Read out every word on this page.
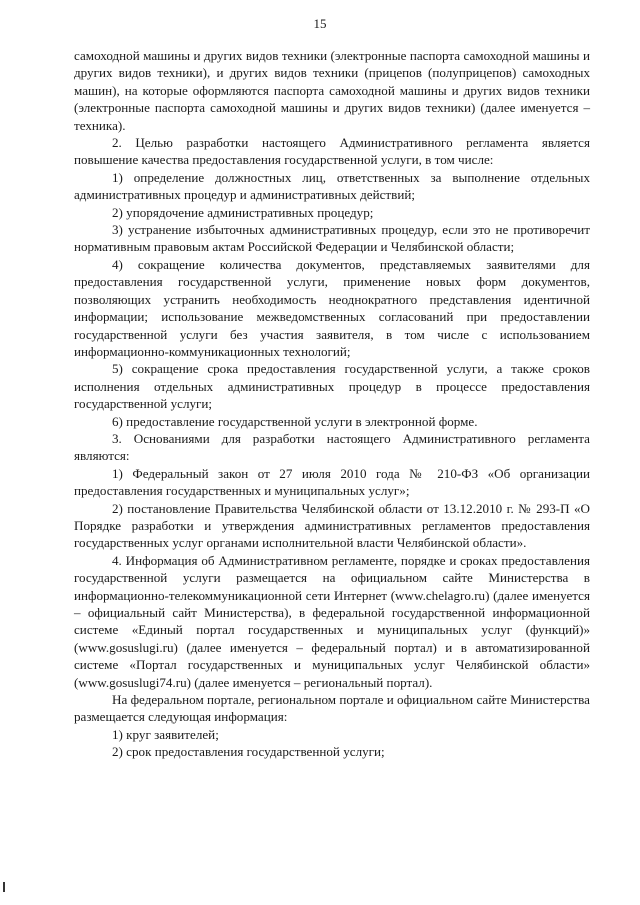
15

самоходной машины и других видов техники (электронные паспорта самоходной машины и других видов техники), и других видов техники (прицепов (полуприцепов) самоходных машин), на которые оформляются паспорта самоходной машины и других видов техники (электронные паспорта самоходной машины и других видов техники) (далее именуется – техника).

2. Целью разработки настоящего Административного регламента является повышение качества предоставления государственной услуги, в том числе:

1) определение должностных лиц, ответственных за выполнение отдельных административных процедур и административных действий;

2) упорядочение административных процедур;

3) устранение избыточных административных процедур, если это не противоречит нормативным правовым актам Российской Федерации и Челябинской области;

4) сокращение количества документов, представляемых заявителями для предоставления государственной услуги, применение новых форм документов, позволяющих устранить необходимость неоднократного представления идентичной информации; использование межведомственных согласований при предоставлении государственной услуги без участия заявителя, в том числе с использованием информационно-коммуникационных технологий;

5) сокращение срока предоставления государственной услуги, а также сроков исполнения отдельных административных процедур в процессе предоставления государственной услуги;

6) предоставление государственной услуги в электронной форме.

3. Основаниями для разработки настоящего Административного регламента являются:

1) Федеральный закон от 27 июля 2010 года № 210-ФЗ «Об организации предоставления государственных и муниципальных услуг»;

2) постановление Правительства Челябинской области от 13.12.2010 г. № 293-П «О Порядке разработки и утверждения административных регламентов предоставления государственных услуг органами исполнительной власти Челябинской области».

4. Информация об Административном регламенте, порядке и сроках предоставления государственной услуги размещается на официальном сайте Министерства в информационно-телекоммуникационной сети Интернет (www.chelagro.ru) (далее именуется – официальный сайт Министерства), в федеральной государственной информационной системе «Единый портал государственных и муниципальных услуг (функций)» (www.gosuslugi.ru) (далее именуется – федеральный портал) и в автоматизированной системе «Портал государственных и муниципальных услуг Челябинской области» (www.gosuslugi74.ru) (далее именуется – региональный портал).

На федеральном портале, региональном портале и официальном сайте Министерства размещается следующая информация:

1) круг заявителей;

2) срок предоставления государственной услуги;
